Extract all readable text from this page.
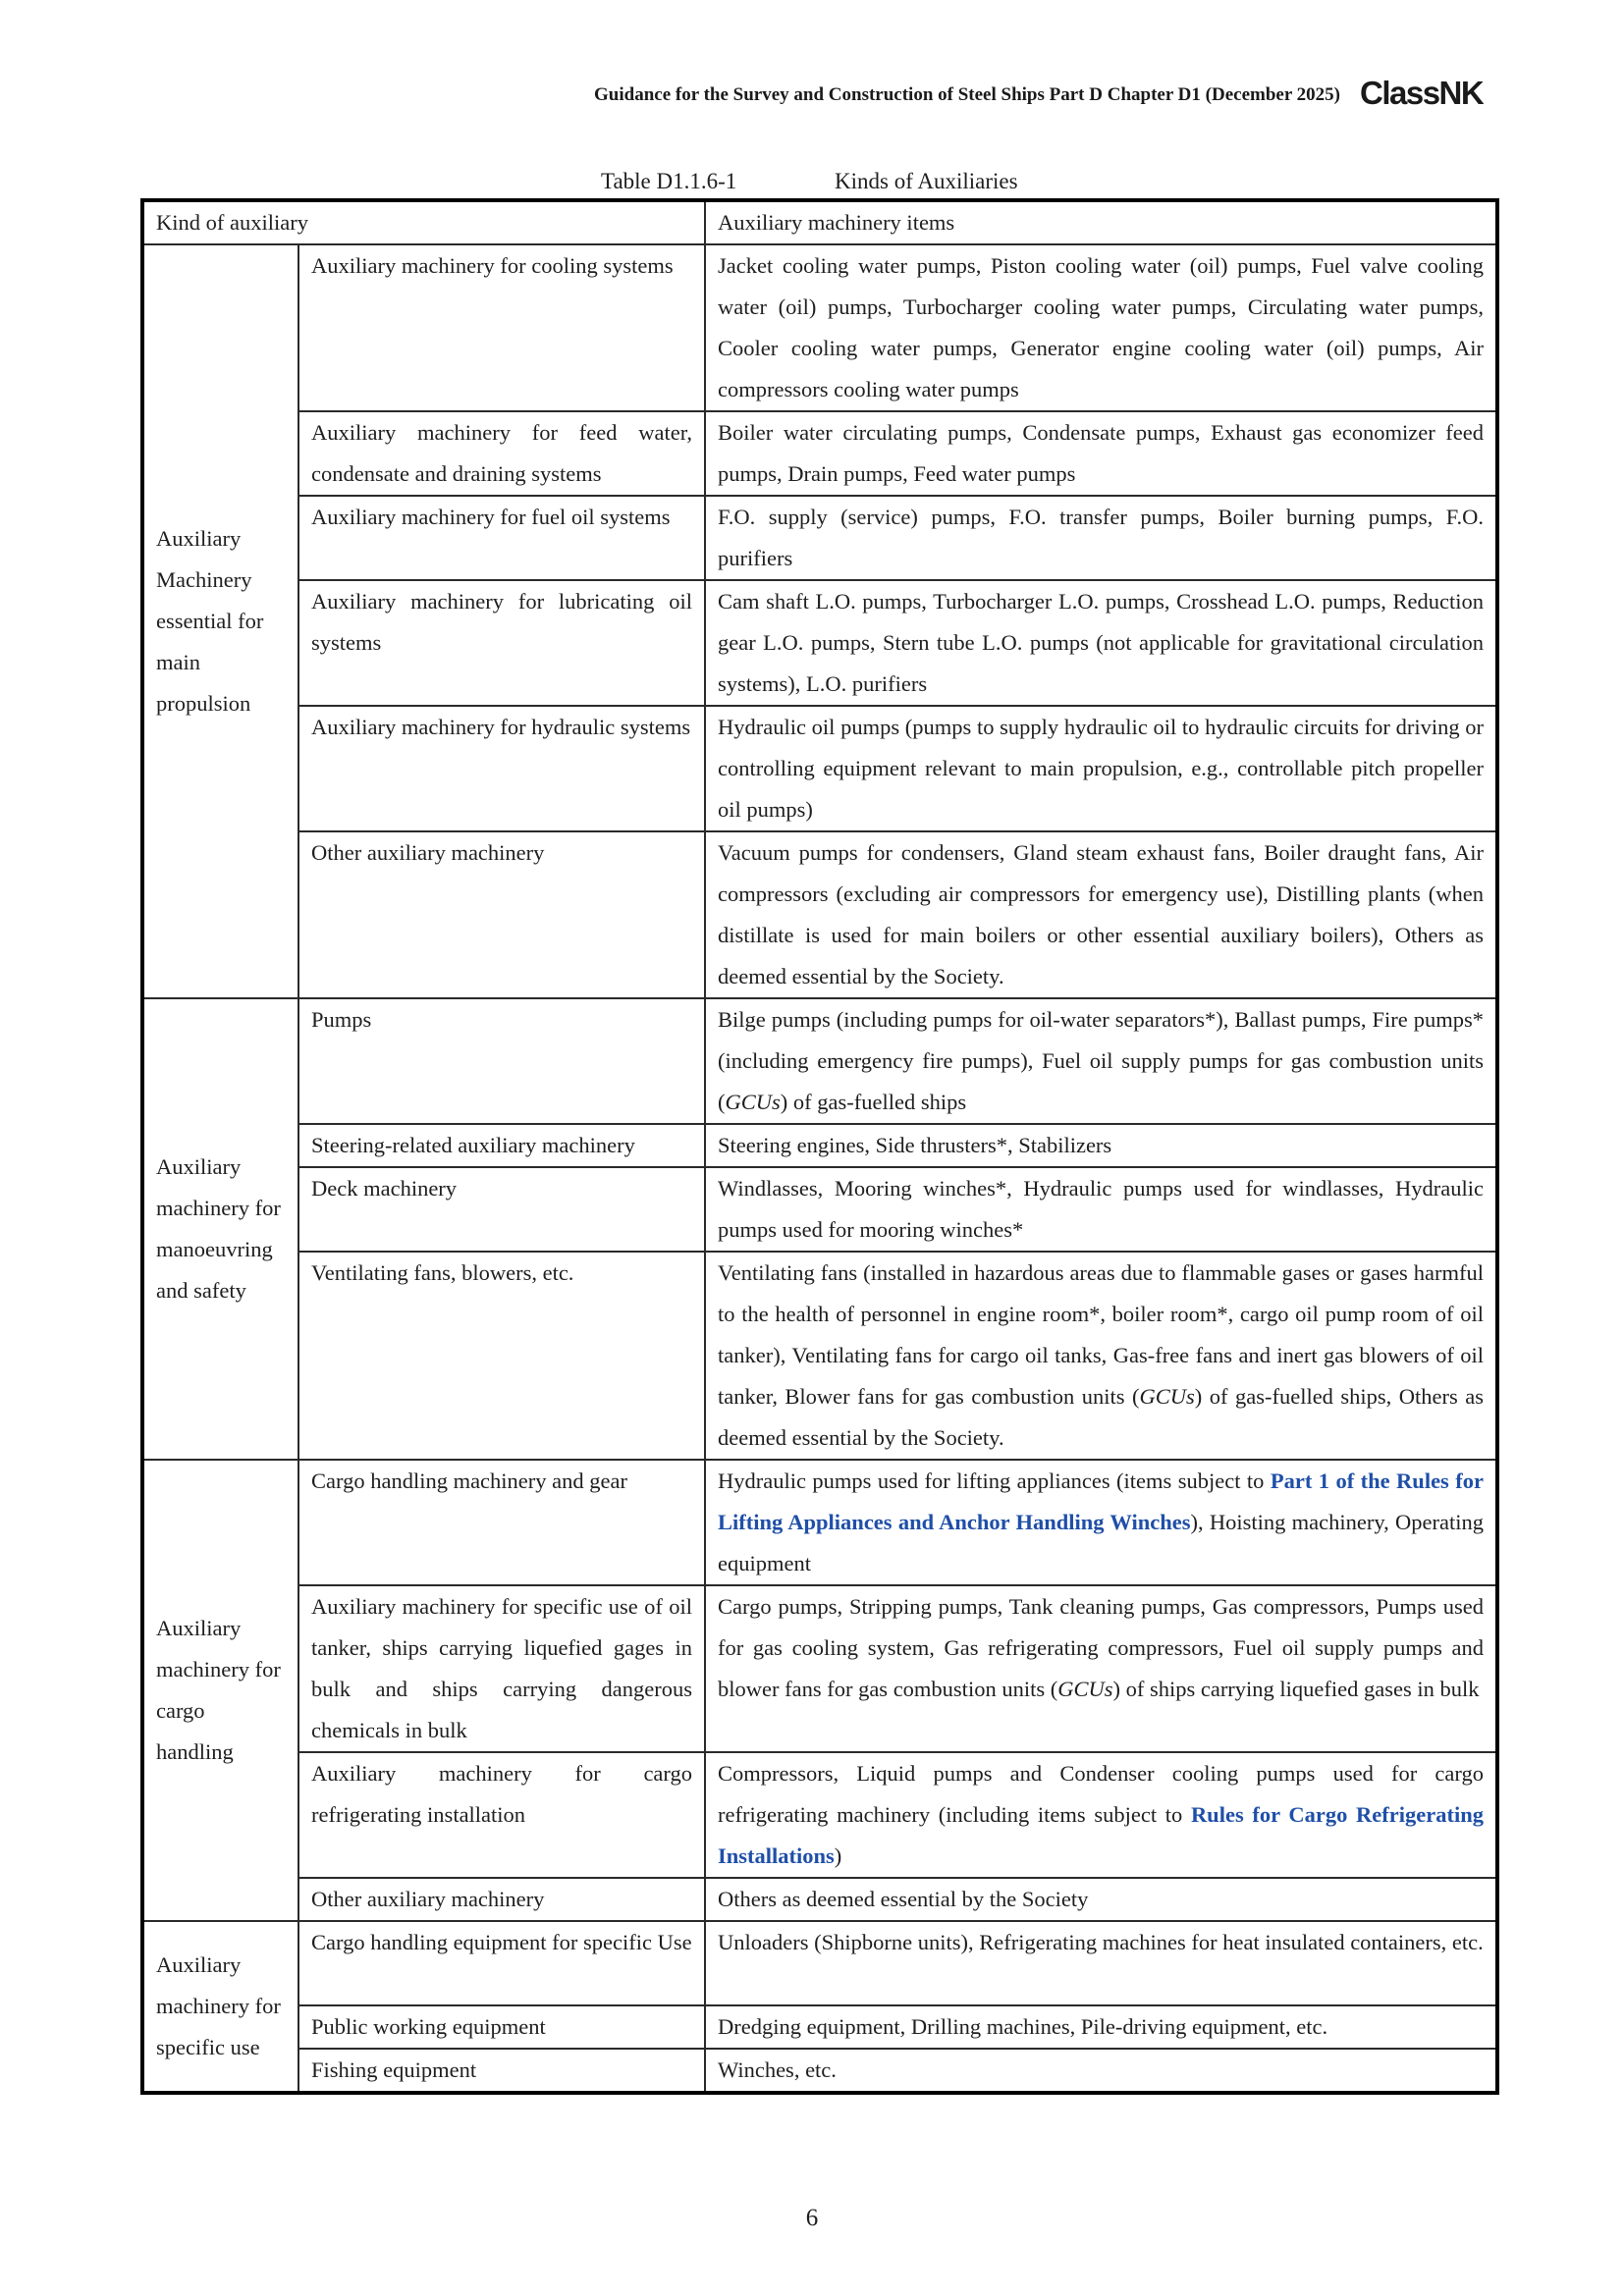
Guidance for the Survey and Construction of Steel Ships Part D Chapter D1 (December 2025) ClassNK
Table D1.1.6-1	Kinds of Auxiliaries
Kind of auxiliary		Auxiliary machinery items
Auxiliary Machinery essential for main propulsion	Auxiliary machinery for cooling systems	Jacket cooling water pumps, Piston cooling water (oil) pumps, Fuel valve cooling water (oil) pumps, Turbocharger cooling water pumps, Circulating water pumps, Cooler cooling water pumps, Generator engine cooling water (oil) pumps, Air compressors cooling water pumps
	Auxiliary machinery for feed water, condensate and draining systems	Boiler water circulating pumps, Condensate pumps, Exhaust gas economizer feed pumps, Drain pumps, Feed water pumps
	Auxiliary machinery for fuel oil systems	F.O. supply (service) pumps, F.O. transfer pumps, Boiler burning pumps, F.O. purifiers
	Auxiliary machinery for lubricating oil systems	Cam shaft L.O. pumps, Turbocharger L.O. pumps, Crosshead L.O. pumps, Reduction gear L.O. pumps, Stern tube L.O. pumps (not applicable for gravitational circulation systems), L.O. purifiers
	Auxiliary machinery for hydraulic systems	Hydraulic oil pumps (pumps to supply hydraulic oil to hydraulic circuits for driving or controlling equipment relevant to main propulsion, e.g., controllable pitch propeller oil pumps)
	Other auxiliary machinery	Vacuum pumps for condensers, Gland steam exhaust fans, Boiler draught fans, Air compressors (excluding air compressors for emergency use), Distilling plants (when distillate is used for main boilers or other essential auxiliary boilers), Others as deemed essential by the Society.
Auxiliary machinery for manoeuvring and safety	Pumps	Bilge pumps (including pumps for oil-water separators*), Ballast pumps, Fire pumps* (including emergency fire pumps), Fuel oil supply pumps for gas combustion units (GCUs) of gas-fuelled ships
	Steering-related auxiliary machinery	Steering engines, Side thrusters*, Stabilizers
	Deck machinery	Windlasses, Mooring winches*, Hydraulic pumps used for windlasses, Hydraulic pumps used for mooring winches*
	Ventilating fans, blowers, etc.	Ventilating fans (installed in hazardous areas due to flammable gases or gases harmful to the health of personnel in engine room*, boiler room*, cargo oil pump room of oil tanker), Ventilating fans for cargo oil tanks, Gas-free fans and inert gas blowers of oil tanker, Blower fans for gas combustion units (GCUs) of gas-fuelled ships, Others as deemed essential by the Society.
Auxiliary machinery for cargo handling	Cargo handling machinery and gear	Hydraulic pumps used for lifting appliances (items subject to Part 1 of the Rules for Lifting Appliances and Anchor Handling Winches), Hoisting machinery, Operating equipment
	Auxiliary machinery for specific use of oil tanker, ships carrying liquefied gages in bulk and ships carrying dangerous chemicals in bulk	Cargo pumps, Stripping pumps, Tank cleaning pumps, Gas compressors, Pumps used for gas cooling system, Gas refrigerating compressors, Fuel oil supply pumps and blower fans for gas combustion units (GCUs) of ships carrying liquefied gases in bulk
	Auxiliary machinery for cargo refrigerating installation	Compressors, Liquid pumps and Condenser cooling pumps used for cargo refrigerating machinery (including items subject to Rules for Cargo Refrigerating Installations)
	Other auxiliary machinery	Others as deemed essential by the Society
Auxiliary machinery for specific use	Cargo handling equipment for specific Use	Unloaders (Shipborne units), Refrigerating machines for heat insulated containers, etc.
	Public working equipment	Dredging equipment, Drilling machines, Pile-driving equipment, etc.
	Fishing equipment	Winches, etc.
6
